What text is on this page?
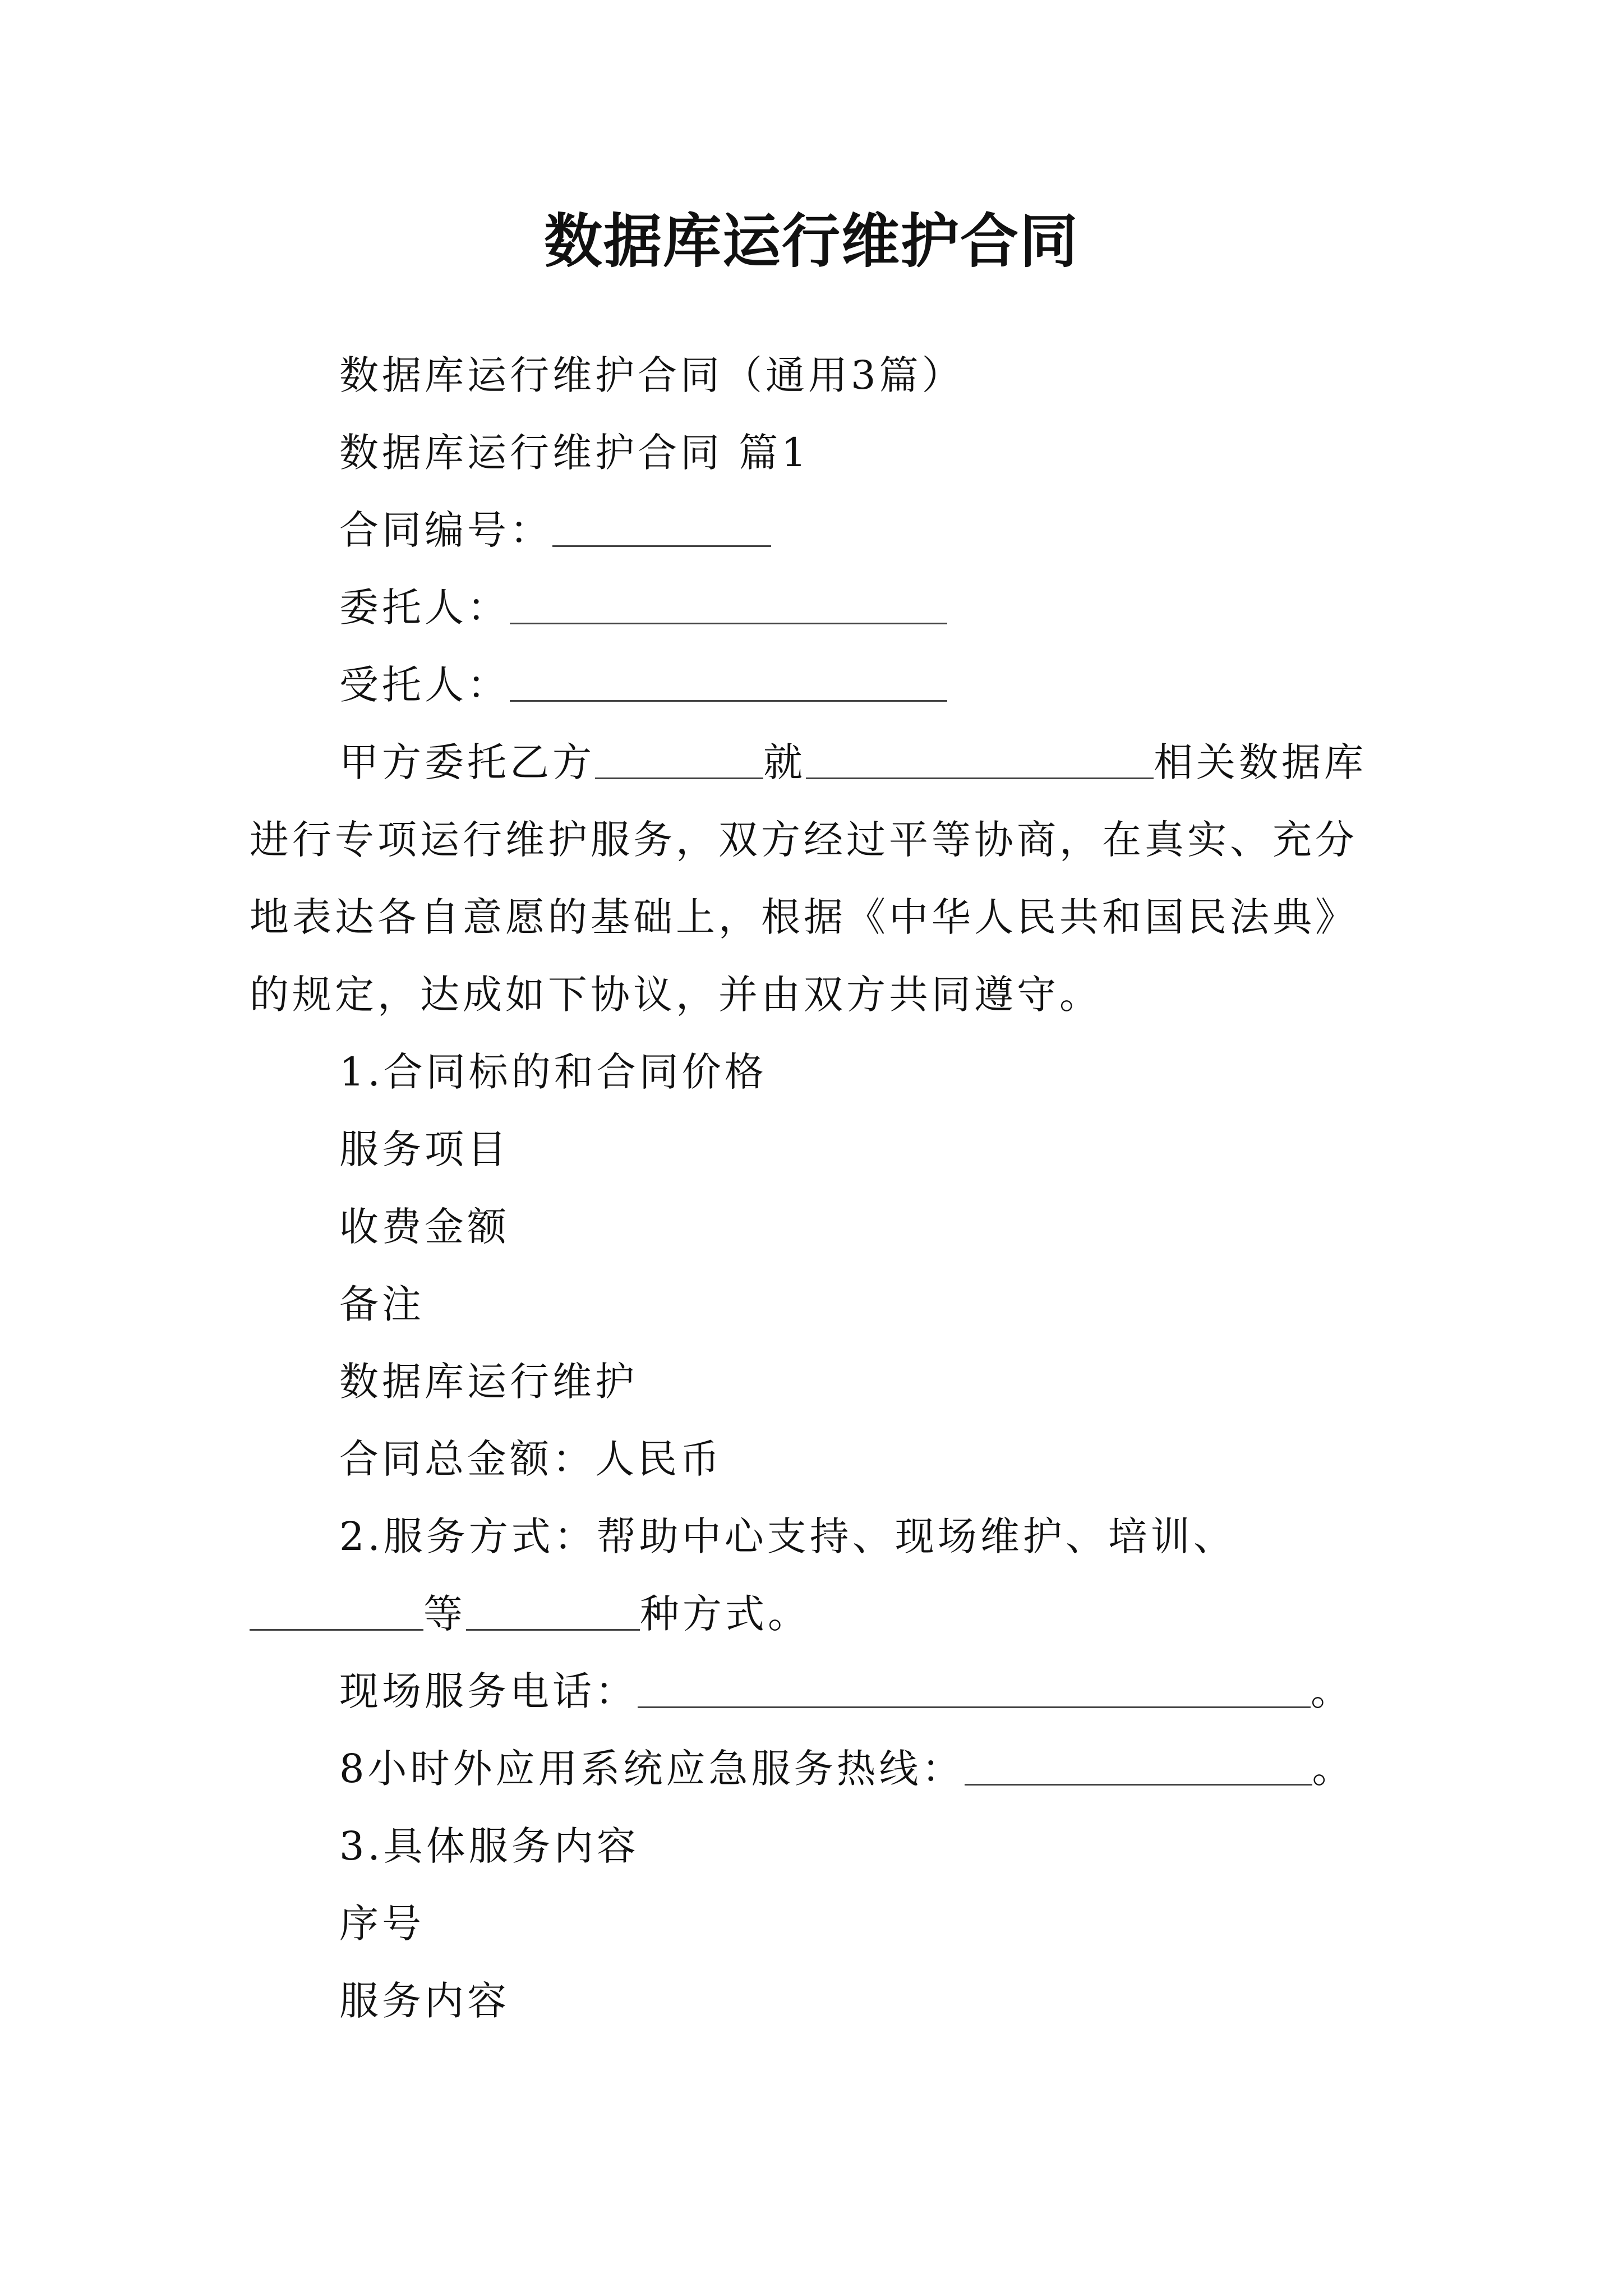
数据库运行维护合同

数据库运行维护合同（通用3篇）

数据库运行维护合同 篇1

合同编号：

委托人：

受托人：

甲方委托乙方	就	相关数据库进行专项运行维护服务，双方经过平等协商，在真实、充分地表达各自意愿的基础上，根据《中华人民共和国民法典》的规定，达成如下协议，并由双方共同遵守。

1.合同标的和合同价格

服务项目

收费金额

备注

数据库运行维护

合同总金额：人民币

2.服务方式：帮助中心支持、现场维护、培训、等	种方式。

现场服务电话：	。

8小时外应用系统应急服务热线：	。

3.具体服务内容

序号

服务内容
